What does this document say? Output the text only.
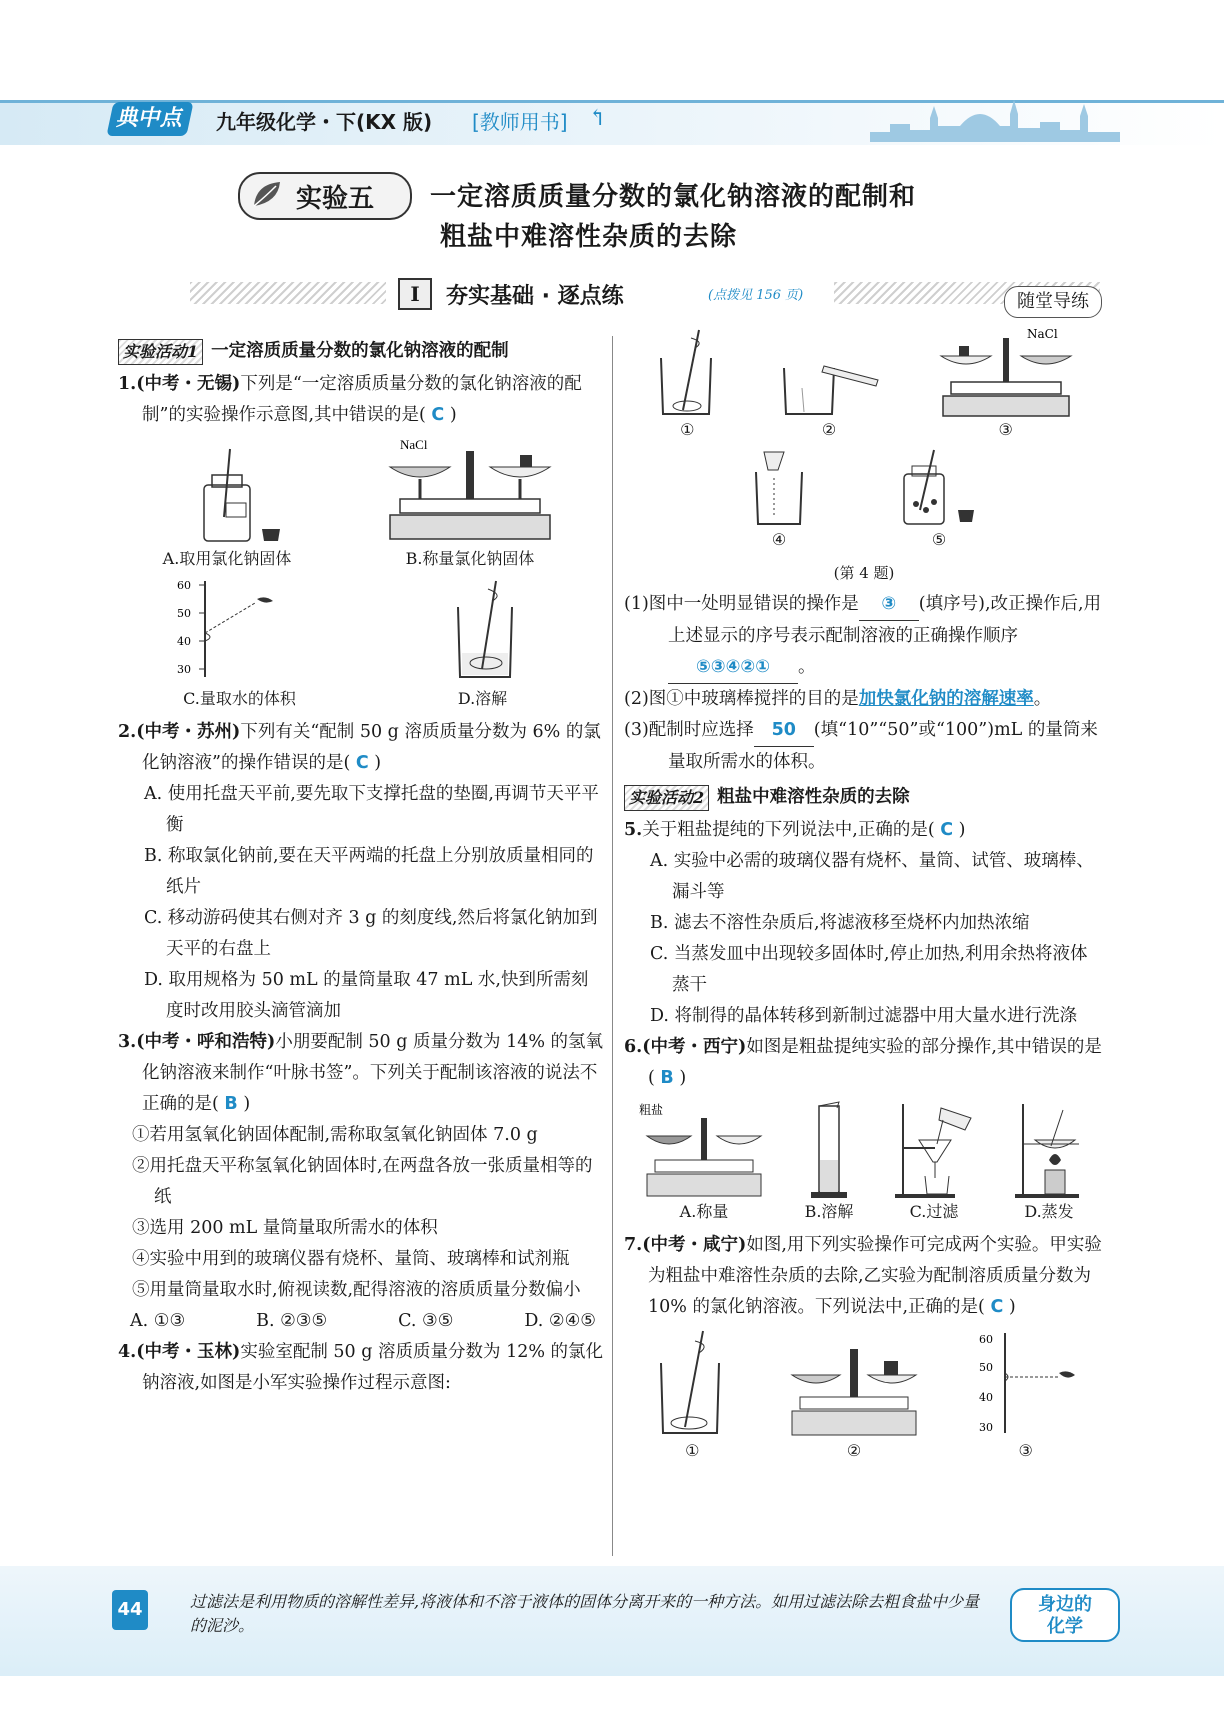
典中点	九年级化学・下(KX 版) [教师用书] ↰
实验五 一定溶质质量分数的氯化钠溶液的配制和
粗盐中难溶性杂质的去除
I	夯实基础 · 逐点练	(点拨见 156 页)	随堂导练
实验活动1 一定溶质质量分数的氯化钠溶液的配制

1.(中考・无锡)下列是“一定溶质质量分数的氯化钠溶液的配制”的实验操作示意图,其中错误的是( C )

A.取用氯化钠固体
NaCl
B.称量氯化钠固体
60
50
40
30
C.量取水的体积	D.溶解

2.(中考・苏州)下列有关“配制 50 g 溶质质量分数为 6% 的氯化钠溶液”的操作错误的是( C )

A. 使用托盘天平前,要先取下支撑托盘的垫圈,再调节天平平衡

B. 称取氯化钠前,要在天平两端的托盘上分别放质量相同的纸片

C. 移动游码使其右侧对齐 3 g 的刻度线,然后将氯化钠加到天平的右盘上

D. 取用规格为 50 mL 的量筒量取 47 mL 水,快到所需刻度时改用胶头滴管滴加

3.(中考・呼和浩特)小朋要配制 50 g 质量分数为 14% 的氢氧化钠溶液来制作“叶脉书签”。下列关于配制该溶液的说法不正确的是( B )

①若用氢氧化钠固体配制,需称取氢氧化钠固体 7.0 g

②用托盘天平称氢氧化钠固体时,在两盘各放一张质量相等的纸

③选用 200 mL 量筒量取所需水的体积

④实验中用到的玻璃仪器有烧杯、量筒、玻璃棒和试剂瓶

⑤用量筒量取水时,俯视读数,配得溶液的溶质质量分数偏小

A. ①③	B. ②③⑤	C. ③⑤	D. ②④⑤

4.(中考・玉林)实验室配制 50 g 溶质质量分数为 12% 的氯化钠溶液,如图是小军实验操作过程示意图:

①	②
NaCl
③
④	⑤
(第 4 题)

(1)图中一处明显错误的操作是 ③ (填序号),改正操作后,用上述显示的序号表示配制溶液的正确操作顺序⑤③④②① 。

(2)图①中玻璃棒搅拌的目的是加快氯化钠的溶解速率。

(3)配制时应选择 50 (填“10”“50”或“100”)mL 的量筒来量取所需水的体积。

实验活动2 粗盐中难溶性杂质的去除

5.关于粗盐提纯的下列说法中,正确的是( C )

A. 实验中必需的玻璃仪器有烧杯、量筒、试管、玻璃棒、漏斗等

B. 滤去不溶性杂质后,将滤液移至烧杯内加热浓缩

C. 当蒸发皿中出现较多固体时,停止加热,利用余热将液体蒸干

D. 将制得的晶体转移到新制过滤器中用大量水进行洗涤

6.(中考・西宁)如图是粗盐提纯实验的部分操作,其中错误的是( B )

粗盐
A.称量	B.溶解	C.过滤	D.蒸发

7.(中考・咸宁)如图,用下列实验操作可完成两个实验。甲实验为粗盐中难溶性杂质的去除,乙实验为配制溶质质量分数为 10% 的氯化钠溶液。下列说法中,正确的是( C )

①	②
60
50
40
30
③
44	过滤法是利用物质的溶解性差异,将液体和不溶于液体的固体分离开来的一种方法。如用过滤法除去粗食盐中少量的泥沙。
身边的
化学
